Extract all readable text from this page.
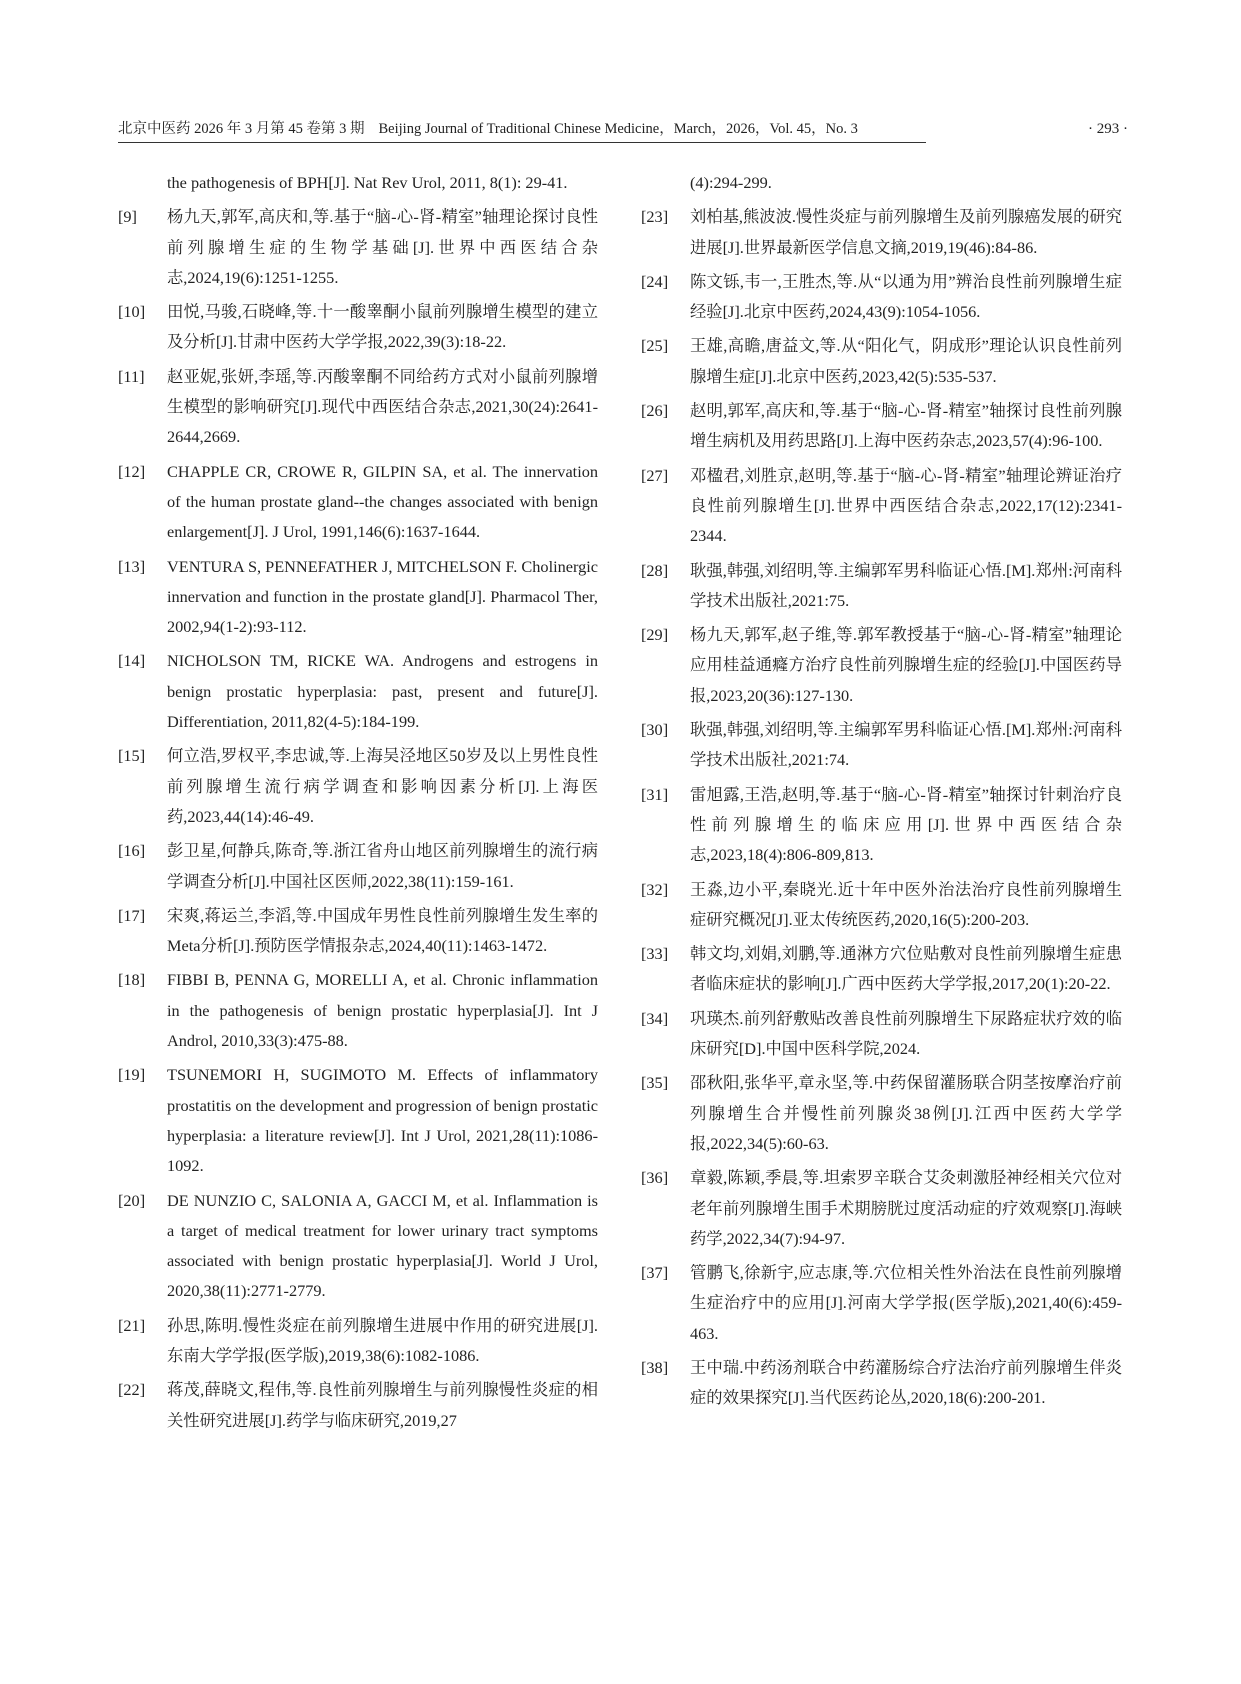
北京中医药 2026 年 3 月第 45 卷第 3 期 Beijing Journal of Traditional Chinese Medicine，March，2026，Vol. 45，No. 3	· 293 ·
the pathogenesis of BPH[J]. Nat Rev Urol, 2011, 8(1): 29-41.
[9] 杨九天,郭军,高庆和,等.基于“脑-心-肾-精室”轴理论探讨良性前列腺增生症的生物学基础[J].世界中西医结合杂志,2024,19(6):1251-1255.
[10] 田悦,马骏,石晓峰,等.十一酸睾酮小鼠前列腺增生模型的建立及分析[J].甘肃中医药大学学报,2022,39(3):18-22.
[11] 赵亚妮,张妍,李瑶,等.丙酸睾酮不同给药方式对小鼠前列腺增生模型的影响研究[J].现代中西医结合杂志,2021,30(24):2641-2644,2669.
[12] CHAPPLE CR, CROWE R, GILPIN SA, et al. The innervation of the human prostate gland--the changes associated with benign enlargement[J]. J Urol, 1991,146(6):1637-1644.
[13] VENTURA S, PENNEFATHER J, MITCHELSON F. Cholinergic innervation and function in the prostate gland[J]. Pharmacol Ther, 2002,94(1-2):93-112.
[14] NICHOLSON TM, RICKE WA. Androgens and estrogens in benign prostatic hyperplasia: past, present and future[J]. Differentiation, 2011,82(4-5):184-199.
[15] 何立浩,罗权平,李忠诚,等.上海吴泾地区50岁及以上男性良性前列腺增生流行病学调查和影响因素分析[J].上海医药,2023,44(14):46-49.
[16] 彭卫星,何静兵,陈奇,等.浙江省舟山地区前列腺增生的流行病学调查分析[J].中国社区医师,2022,38(11):159-161.
[17] 宋爽,蒋运兰,李滔,等.中国成年男性良性前列腺增生发生率的Meta分析[J].预防医学情报杂志,2024,40(11):1463-1472.
[18] FIBBI B, PENNA G, MORELLI A, et al. Chronic inflammation in the pathogenesis of benign prostatic hyperplasia[J]. Int J Androl, 2010,33(3):475-88.
[19] TSUNEMORI H, SUGIMOTO M. Effects of inflammatory prostatitis on the development and progression of benign prostatic hyperplasia: a literature review[J]. Int J Urol, 2021,28(11):1086-1092.
[20] DE NUNZIO C, SALONIA A, GACCI M, et al. Inflammation is a target of medical treatment for lower urinary tract symptoms associated with benign prostatic hyperplasia[J]. World J Urol, 2020,38(11):2771-2779.
[21] 孙思,陈明.慢性炎症在前列腺增生进展中作用的研究进展[J].东南大学学报(医学版),2019,38(6):1082-1086.
[22] 蒋茂,薛晓文,程伟,等.良性前列腺增生与前列腺慢性炎症的相关性研究进展[J].药学与临床研究,2019,27
(4):294-299.
[23] 刘柏基,熊波波.慢性炎症与前列腺增生及前列腺癌发展的研究进展[J].世界最新医学信息文摘,2019,19(46):84-86.
[24] 陈文铄,韦一,王胜杰,等.从“以通为用”辨治良性前列腺增生症经验[J].北京中医药,2024,43(9):1054-1056.
[25] 王雄,高瞻,唐益文,等.从“阳化气，阴成形”理论认识良性前列腺增生症[J].北京中医药,2023,42(5):535-537.
[26] 赵明,郭军,高庆和,等.基于“脑-心-肾-精室”轴探讨良性前列腺增生病机及用药思路[J].上海中医药杂志,2023,57(4):96-100.
[27] 邓楹君,刘胜京,赵明,等.基于“脑-心-肾-精室”轴理论辨证治疗良性前列腺增生[J].世界中西医结合杂志,2022,17(12):2341-2344.
[28] 耿强,韩强,刘绍明,等.主编郭军男科临证心悟.[M].郑州:河南科学技术出版社,2021:75.
[29] 杨九天,郭军,赵子维,等.郭军教授基于“脑-心-肾-精室”轴理论应用桂益通癃方治疗良性前列腺增生症的经验[J].中国医药导报,2023,20(36):127-130.
[30] 耿强,韩强,刘绍明,等.主编郭军男科临证心悟.[M].郑州:河南科学技术出版社,2021:74.
[31] 雷旭露,王浩,赵明,等.基于“脑-心-肾-精室”轴探讨针刺治疗良性前列腺增生的临床应用[J].世界中西医结合杂志,2023,18(4):806-809,813.
[32] 王淼,边小平,秦晓光.近十年中医外治法治疗良性前列腺增生症研究概况[J].亚太传统医药,2020,16(5):200-203.
[33] 韩文均,刘娟,刘鹏,等.通淋方穴位贴敷对良性前列腺增生症患者临床症状的影响[J].广西中医药大学学报,2017,20(1):20-22.
[34] 巩瑛杰.前列舒敷贴改善良性前列腺增生下尿路症状疗效的临床研究[D].中国中医科学院,2024.
[35] 邵秋阳,张华平,章永坚,等.中药保留灌肠联合阴茎按摩治疗前列腺增生合并慢性前列腺炎38例[J].江西中医药大学学报,2022,34(5):60-63.
[36] 章毅,陈颖,季晨,等.坦索罗辛联合艾灸刺激胫神经相关穴位对老年前列腺增生围手术期膀胱过度活动症的疗效观察[J].海峡药学,2022,34(7):94-97.
[37] 管鹏飞,徐新宇,应志康,等.穴位相关性外治法在良性前列腺增生症治疗中的应用[J].河南大学学报(医学版),2021,40(6):459-463.
[38] 王中瑞.中药汤剂联合中药灌肠综合疗法治疗前列腺增生伴炎症的效果探究[J].当代医药论丛,2020,18(6):200-201.
